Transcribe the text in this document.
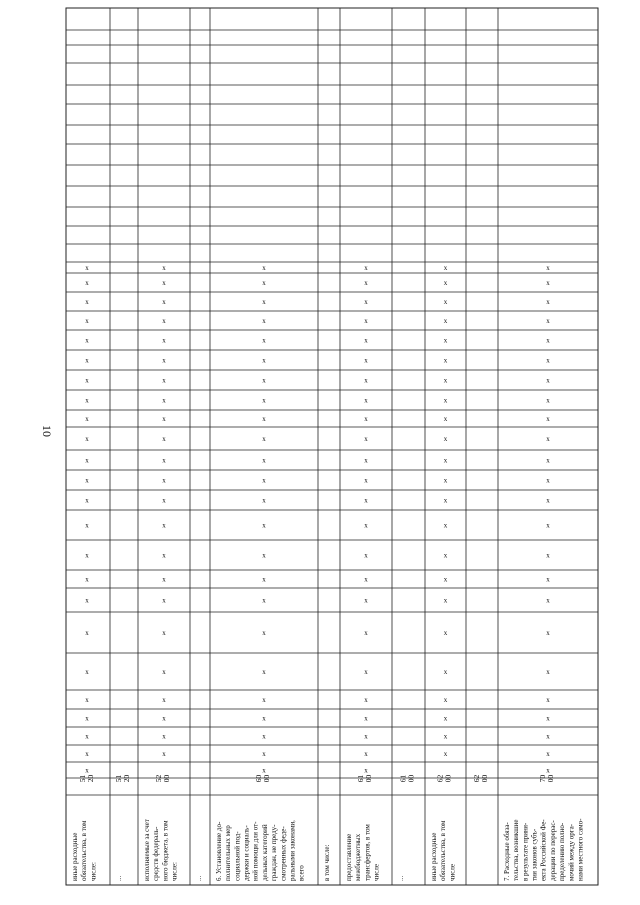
10
иные расходные обязательства, в том числе:
51 20
x
x
x
x
x
x
x
x
x
x
x
x
x
x
x
x
x
x
x
x
x
x
x
x
...
51 20
исполняемые за счет средств федераль- ного бюджета, в том числе:
52 00
x
x
x
x
x
x
x
x
x
x
x
x
x
x
x
x
x
x
x
x
x
x
x
... 6. Установление до- полнительных мер социальной под- держки и социаль- ной помощи для от- дельных категорий граждан, не преду- смотренных феде- ральными законами, всего
60 00
x
x
x
x
x
x
x
x
x
x
x
x
x
x
x
x
x
x
x
x
x
x
x
x
в том числе: предоставление межбюджетных трансфертов, в том числе
61 00
x
x
x
x
x
x
x
x
x
x
x
x
x
x
x
x
x
x
x
x
x
x
x
x
...
61 00
иные расходные обязательства, в том числе
62 00
x
x
x
x
x
x
x
x
x
x
x
x
x
x
x
x
x
x
x
x
x
x
x
62 00
7. Расходные обяза- тельства, возникшие в результате приня- тия законов субъ- екта Российской Фе- дерации по перерас- пределению полно- мочий между орга- нами местного само-
70 00
x
x
x
x
x
x
x
x
x
x
x
x
x
x
x
x
x
x
x
x
x
x
x
x
